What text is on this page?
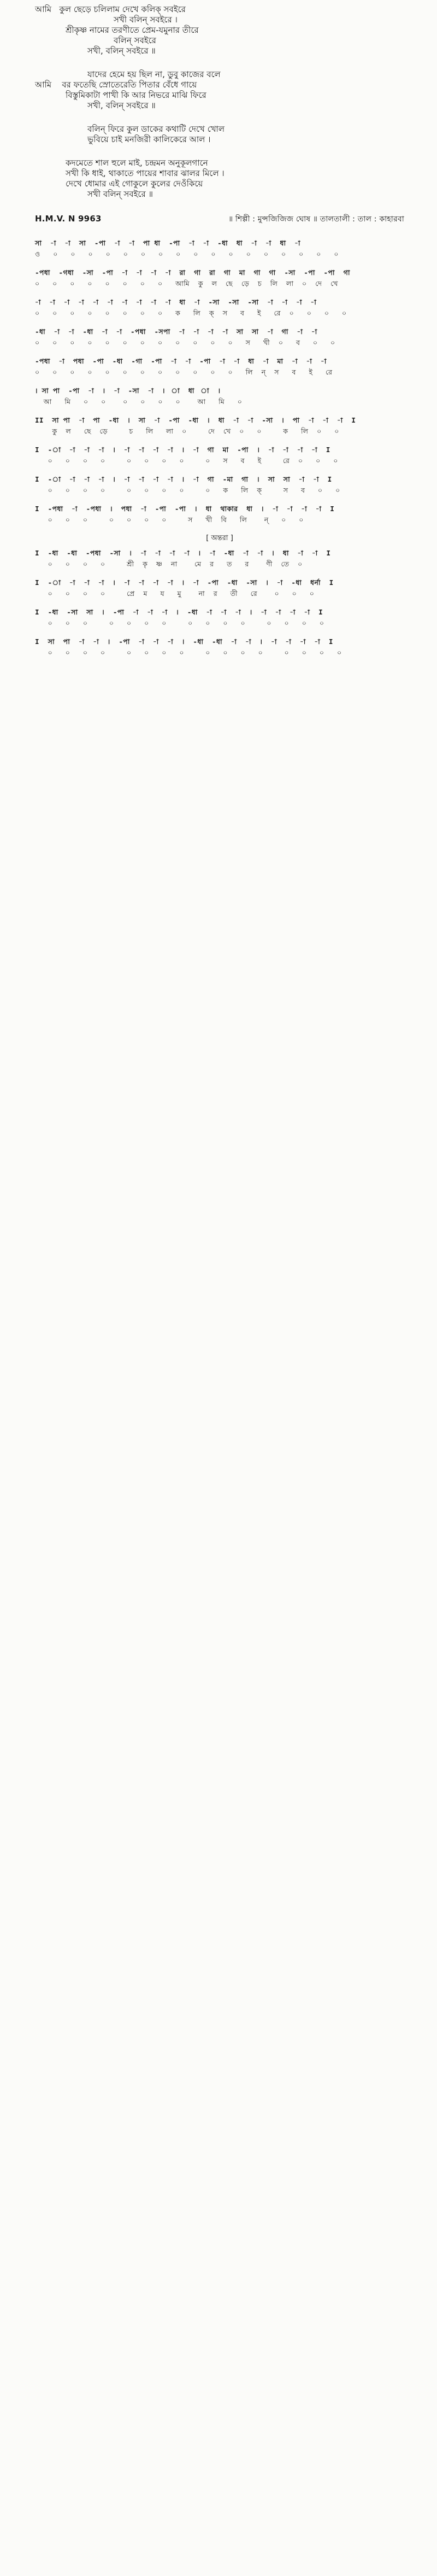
আমি   কুল ছেড়ে চলিলাম দেখে কলিক্ সবইরে
সখী বলিন্ সবইরে ।
শ্রীকৃষ্ণ নামের তরণীতে প্রেম-যমুনার তীরে
বলিন্ সবইরে
সখী, বলিন্ সবইরে ॥
যাদের হেমে হয় ছিল না, ডুবু কাজের বলে
আমি    বর ফতেছি স্রোতেরেতি পিতার বেঁধে গায়ে
বিস্তুমিকাটা পাখী কি আর নিভরে মাঝি ফিরে
সখী, বলিন্ সবইরে ॥
বলিন্ ফিরে কুল ডাকের কথাটি দেখে খোল
ভুবিয়ে চাই মনজিরী কালিকেরে আল ।
কদমেতে শাল হুলে মাই, চন্দ্রমন অনুকূলগানে
সখী কি ধাই, থাকাতে পায়ের শাবার ঝালর মিলে ।
দেখে ধোমার এই গোকুলে কুলের দেওঁকিয়ে
সখী বলিন্ সবইরে ॥
H.M.V. N 9963	॥ শিল্পী : মুন্সজিজিজ ঘোষ ॥ তালতালী : তাল : কাহারবা
সা  -া  -া  সা  -পা  -া  -া  পা ধা  -পা  -া  -া  -ধা  ধা  -া  -া  ধা  -া
ও   ০   ০   ০   ০   ০   ০   ০   ০   ০   ০   ০   ০   ০   ০   ০   ০   ০
-পধা  -গধা  -সা  -পা  -া  -া  -া  -া  রা  গা  রা  গা  মা  গা  গা  -সা  -পা  -পা  গা
০   ০   ০   ০   ০   ০   ০   ০   আমি  কু  ল  ছে  ড়ে  চ  লি  লা  ০  দে  খে
-া  -া  -া  -া  -া  -া  -া  -া  -া  -া  ধা  -া  -সা  -সা  -সা  -া  -া  -া  -া
০   ০   ০   ০   ০   ০   ০   ০   ক   লি  ক্  স   ব   ই   রে  ০   ০   ০   ০
-ধা  -া  -া  -ধা  -া  -া  -পধা  -সপা  -া  -া  -া  -া  সা  সা  -া  গা  -া  -া
০   ০   ০   ০   ০   ০   ০   ০   ০   ০   ০   ০   স   খী  ০   ব   ০   ০
-পধা  -া  পধা  -পা  -ধা  -গা  -পা  -া  -া  -পা  -া  -া  ধা  -া  মা  -া  -া  -া
০   ০   ০   ০   ০   ০   ০   ০   ০   ০   ০   ০   লি  ন্  স   ব   ই   রে
। সা পা  -পা  -া  ।  -া  -সা  -া  ।  া  ধা  া  ।
আ   মি   ০   ০    ০   ০   ০   ০    আ   মি   ০
II  সা পা  -া  পা  -ধা  ।  সা  -া  -পা  -ধা  ।  ধা  -া  -া  -সা  ।  পা  -া  -া  -া  I
কু  ল   ছে  ড়ে     চ   লি   লা  ০     দে  খে  ০   ০     ক   লি  ০   ০
I  -া  -া  -া  -া  ।  -া  -া  -া  -া  ।  -া  গা  মা  -পা  ।  -া  -া  -া  -া  I
০   ০   ০   ০     ০   ০   ০   ০     ০   স   ব   ই     রে  ০   ০   ০
I  -া  -া  -া  -া  ।  -া  -া  -া  -া  ।  -া  গা  -মা  গা  ।  সা  সা  -া  -া  I
০   ০   ০   ০     ০   ০   ০   ০     ০   ক   লি  ক্     স   ব   ০   ০
I  -পধা  -া  -পধা  ।  পধা  -া  -পা  -পা  ।  ধা  থাকার  ধা  ।  -া  -া  -া  -া  I
০   ০   ০     ০   ০   ০   ০     স   খী  বি   লি    ন্   ০   ০
[ অন্তরা ]
I  -ধা  -ধা  -পধা  -সা  ।  -া  -া  -া  -া  ।  -া  -ধা  -া  -া  ।  ধা  -া  -া  I
০   ০   ০   ০     শ্রী  কৃ  ষ্ণ  না    মে  র   ত   র    ণী  তে  ০
I  -া  -া  -া  -া  ।  -া  -া  -া  -া  ।  -া  -পা  -ধা  -সা  ।  -া  -ধা  ধর্না  I
০   ০   ০   ০     প্রে  ম   য   মু    না  র   তী   রে    ০   ০   ০
I  -ধা  -সা  সা  ।  -পা  -া  -া  -া  ।  -ধা  -া  -া  -া  ।  -া  -া  -া  -া  I
০   ০   ০     ০   ০   ০   ০     ০   ০   ০   ০     ০   ০   ০   ০
I  সা  পা  -া  -া  ।  -পা  -া  -া  -া  ।  -ধা  -ধা  -া  -া  ।  -া  -া  -া  -া  I
০   ০   ০   ০     ০   ০   ০   ০     ০   ০   ০   ০     ০   ০   ০   ০
